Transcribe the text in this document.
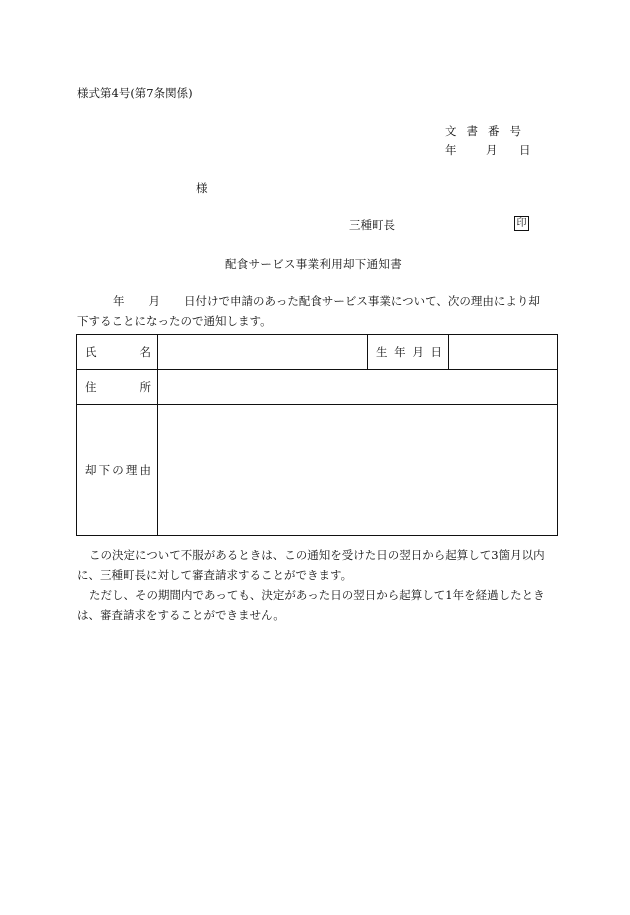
様式第4号(第7条関係)
文書番号
年	月 日
様
三種町長	印
配食サービス事業利用却下通知書
年 月 日付けで申請のあった配食サービス事業について、次の理由により却
下することになったので通知します。
氏名		生年月日	
住所			
却下の理由			
この決定について不服があるときは、この通知を受けた日の翌日から起算して3箇月以内
に、三種町長に対して審査請求することができます。
ただし、その期間内であっても、決定があった日の翌日から起算して1年を経過したとき
は、審査請求をすることができません。
